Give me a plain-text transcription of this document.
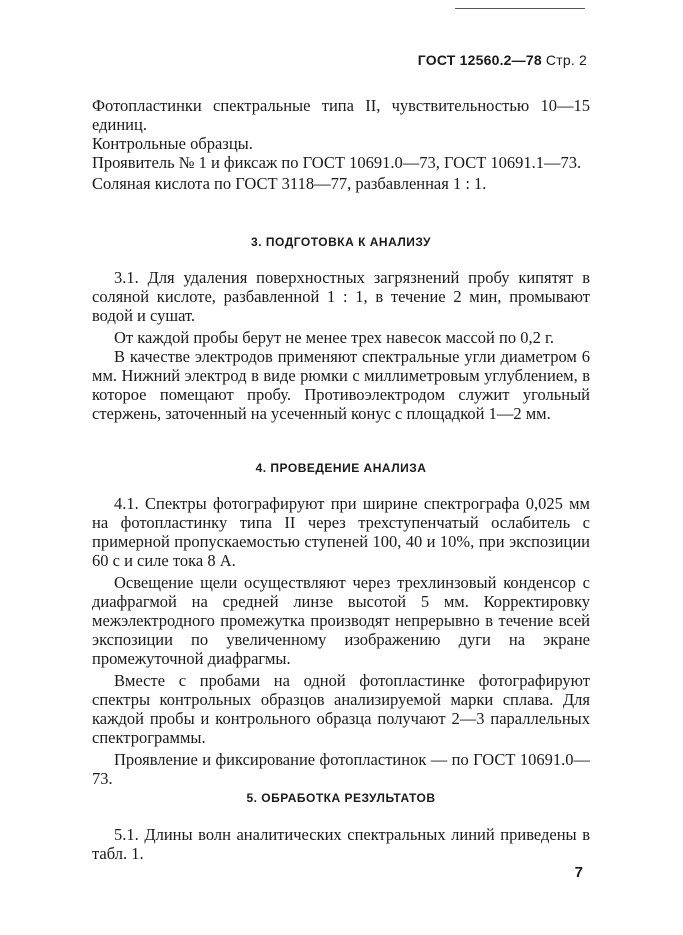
ГОСТ 12560.2—78 Стр. 2

Фотопластинки спектральные типа II, чувствительностью 10—15 единиц.

Контрольные образцы.

Проявитель № 1 и фиксаж по ГОСТ 10691.0—73, ГОСТ 10691.1—73.

Соляная кислота по ГОСТ 3118—77, разбавленная 1 : 1.

3. ПОДГОТОВКА К АНАЛИЗУ

3.1. Для удаления поверхностных загрязнений пробу кипятят в соляной кислоте, разбавленной 1 : 1, в течение 2 мин, промывают водой и сушат.

От каждой пробы берут не менее трех навесок массой по 0,2 г.

В качестве электродов применяют спектральные угли диаметром 6 мм. Нижний электрод в виде рюмки с миллиметровым углублением, в которое помещают пробу. Противоэлектродом служит угольный стержень, заточенный на усеченный конус с площадкой 1—2 мм.

4. ПРОВЕДЕНИЕ АНАЛИЗА

4.1. Спектры фотографируют при ширине спектрографа 0,025 мм на фотопластинку типа II через трехступенчатый ослабитель с примерной пропускаемостью ступеней 100, 40 и 10%, при экспозиции 60 с и силе тока 8 А.

Освещение щели осуществляют через трехлинзовый конденсор с диафрагмой на средней линзе высотой 5 мм. Корректировку межэлектродного промежутка производят непрерывно в течение всей экспозиции по увеличенному изображению дуги на экране промежуточной диафрагмы.

Вместе с пробами на одной фотопластинке фотографируют спектры контрольных образцов анализируемой марки сплава. Для каждой пробы и контрольного образца получают 2—3 параллельных спектрограммы.

Проявление и фиксирование фотопластинок — по ГОСТ 10691.0—73.

5. ОБРАБОТКА РЕЗУЛЬТАТОВ

5.1. Длины волн аналитических спектральных линий приведены в табл. 1.

7
